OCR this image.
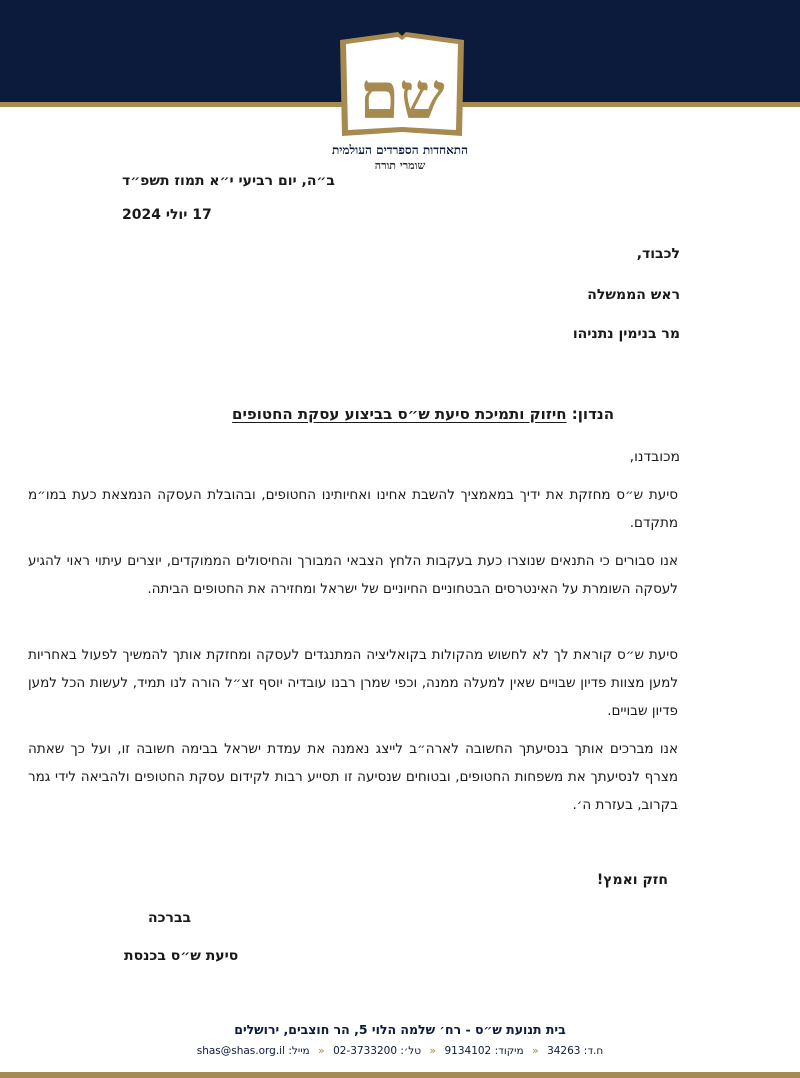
שם
התאחדות הספרדים העולמית
שומרי תורה
ב״ה, יום רביעי י״א תמוז תשפ״ד
17 יולי 2024
לכבוד,
ראש הממשלה
מר בנימין נתניהו
הנדון: חיזוק ותמיכת סיעת ש״ס בביצוע עסקת החטופים
מכובדנו,
סיעת ש״ס מחזקת את ידיך במאמציך להשבת אחינו ואחיותינו החטופים, ובהובלת העסקה הנמצאת כעת במו״מ מתקדם.
אנו סבורים כי התנאים שנוצרו כעת בעקבות הלחץ הצבאי המבורך והחיסולים הממוקדים, יוצרים עיתוי ראוי להגיע לעסקה השומרת על האינטרסים הבטחוניים החיוניים של ישראל ומחזירה את החטופים הביתה.
סיעת ש״ס קוראת לך לא לחשוש מהקולות בקואליציה המתנגדים לעסקה ומחזקת אותך להמשיך לפעול באחריות למען מצוות פדיון שבויים שאין למעלה ממנה, וכפי שמרן רבנו עובדיה יוסף זצ״ל הורה לנו תמיד, לעשות הכל למען פדיון שבויים.
אנו מברכים אותך בנסיעתך החשובה לארה״ב לייצג נאמנה את עמדת ישראל בבימה חשובה זו, ועל כך שאתה מצרף לנסיעתך את משפחות החטופים, ובטוחים שנסיעה זו תסייע רבות לקידום עסקת החטופים ולהביאה לידי גמר בקרוב, בעזרת ה׳.
חזק ואמץ!
בברכה
סיעת ש״ס בכנסת
בית תנועת ש״ס - רח׳ שלמה הלוי 5, הר חוצבים, ירושלים
ח.ד: 34263 « מיקוד: 9134102 « טל׳: 02-3733200 « מייל: shas@shas.org.il
